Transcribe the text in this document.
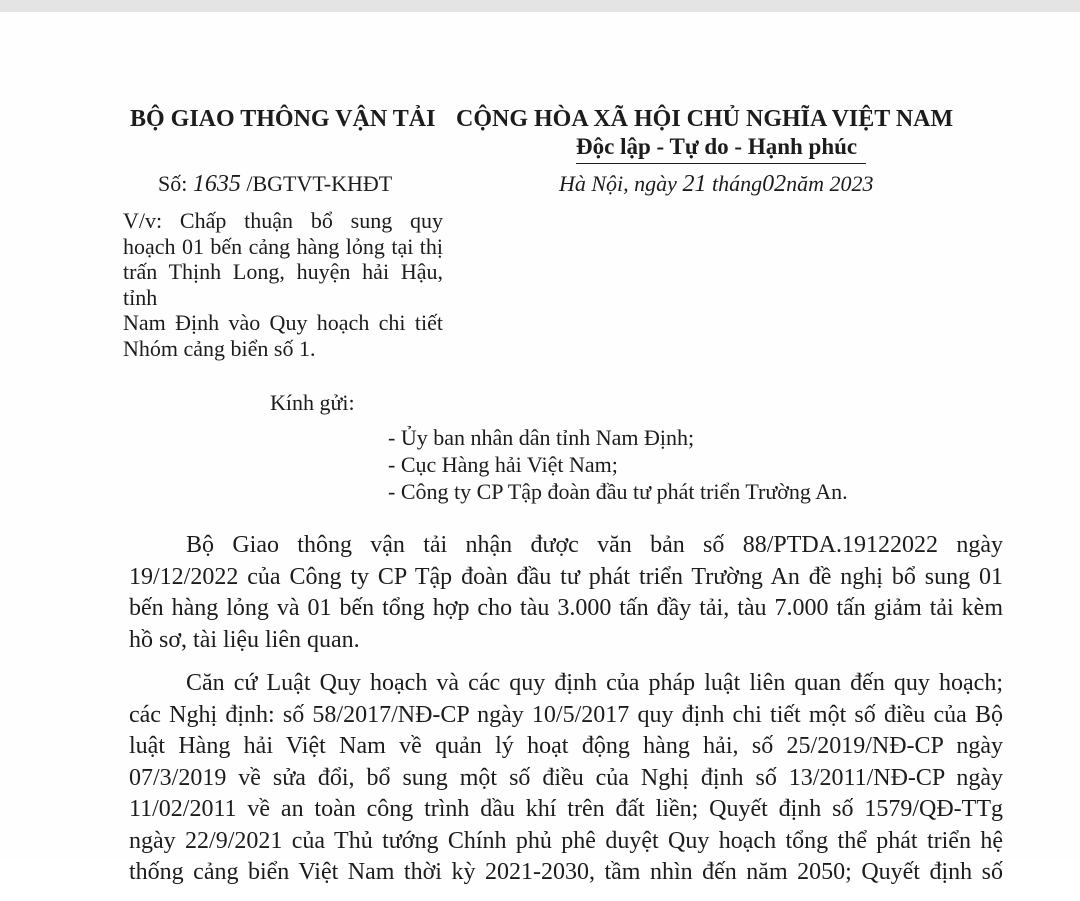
BỘ GIAO THÔNG VẬN TẢI CỘNG HÒA XÃ HỘI CHỦ NGHĨA VIỆT NAM
Độc lập - Tự do - Hạnh phúc
Số: 1635 /BGTVT-KHĐT	Hà Nội, ngày 21 tháng02năm 2023
V/v: Chấp thuận bổ sung quy
hoạch 01 bến cảng hàng lỏng tại thị
trấn Thịnh Long, huyện hải Hậu, tỉnh
Nam Định vào Quy hoạch chi tiết
Nhóm cảng biển số 1.
Kính gửi:
- Ủy ban nhân dân tỉnh Nam Định;
- Cục Hàng hải Việt Nam;
- Công ty CP Tập đoàn đầu tư phát triển Trường An.
Bộ Giao thông vận tải nhận được văn bản số 88/PTDA.19122022 ngày
19/12/2022 của Công ty CP Tập đoàn đầu tư phát triển Trường An đề nghị bổ sung 01
bến hàng lỏng và 01 bến tổng hợp cho tàu 3.000 tấn đầy tải, tàu 7.000 tấn giảm tải kèm
hồ sơ, tài liệu liên quan.
Căn cứ Luật Quy hoạch và các quy định của pháp luật liên quan đến quy hoạch;
các Nghị định: số 58/2017/NĐ-CP ngày 10/5/2017 quy định chi tiết một số điều của Bộ
luật Hàng hải Việt Nam về quản lý hoạt động hàng hải, số 25/2019/NĐ-CP ngày
07/3/2019 về sửa đổi, bổ sung một số điều của Nghị định số 13/2011/NĐ-CP ngày
11/02/2011 về an toàn công trình dầu khí trên đất liền; Quyết định số 1579/QĐ-TTg
ngày 22/9/2021 của Thủ tướng Chính phủ phê duyệt Quy hoạch tổng thể phát triển hệ
thống cảng biển Việt Nam thời kỳ 2021-2030, tầm nhìn đến năm 2050; Quyết định số
